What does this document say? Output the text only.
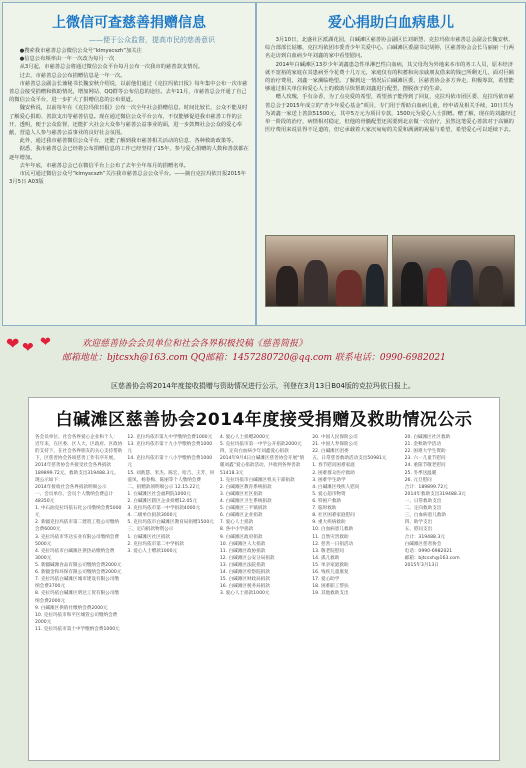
上微信可查慈善捐赠信息
——便于公众监督，提高市民的慈善意识

●搜索我市慈善总会微信公众号“klmyscszh”加关注

●信息公布频率由一年一次改为每月一次

从3月起，市慈善总会将通过微信公众平台每月公布一次我市的慈善款支情况。

过去，市慈善总会公布捐赠信息是一年一次。

市慈善总会副会长兼秘书长魏安秋介绍说，以前他们通过《克拉玛依日报》每年集中公布一次市慈善总会接受捐赠和救助情况，增加网站、QQ群等公布信息的途径。去年11月，市慈善总会开通了自己的微信公众平台，进一步扩大了捐赠信息的公布渠道。

魏安秋说，以前每年在《克拉玛依日报》公布一次全年社会捐赠信息，时间比较长，公众不能及时了解爱心捐助、善款支出等慈善信息。现在通过微信公众平台公布，不仅能够促进我市慈善工作的公开、透明，便于公众监督，还能扩大社会大众参与慈善公益事业的面，进一步鼓舞社会公众的爱心奉献，营造人人参与慈善公益事业的良好社会氛围。

此外，通过我市慈善微信公众平台，还能了解到我市慈善相关活动的信息、各种救助政策等。

据悉，我市慈善总会已经将公布捐赠信息的工作已经坚持了15年，参与爱心捐赠的人数和善款都在逐年增加。

去年年底，市慈善总会已在微信平台上公布了去年全年每月的捐赠名单。

市民可通过微信公众号“klmyscszh”关注我市慈善总会公众平台。——摘自克拉玛依日报2015年3月5日 A03版

爱心捐助白血病患儿

3月10日，北盛社区派湖花园，白碱滩区慈善协会副区长刘新慧、克拉玛依市慈善总会副会长魏安秋、综合部部长姑娜，克拉玛依团市委青少年关爱中心、白碱滩区委副书记胡婷，区慈善协会会长马丽丽一行两名走访到白血病少年刘鑫的家中看望慰问。

2014年白碱滩区13岁少年刘鑫患急性单淋巴性白血病，其父母均为外地来本市的务工人员，原本经济就不宽裕的家庭在其患病至今花费十几万元，家庭仅有的积蓄和向亲戚朋友借来的钱已所剩无几，面对巨额的治疗费用，刘鑫一家濒临绝望。了解到这一情况后白碱滩区委、区慈善协会多方奔走，积极筹款，希望能够通过相关单位和爱心人士的救助尽快帮助刘鑫进行配型，摆脱孩子的生命。

赠人玫瑰，手有余香，为了点亮爱的希望，希望孩子能得到了回复，克拉玛依市团区委、克拉玛依市慈善总会于2015年成立的“青少年爱心基金”项目，专门用于帮助白血病儿童，经申请及相关手续，10日共为为刘鑫一家送上善款51500元，其中5万元为项目专款，1500元为爱心人士捐赠。赠了解，现在的刘鑫经过单一阶段的治疗，病情相对稳定，但他的骨髓配型还需要到北京做一次治疗，虽然这笔爱心善款对于高额的医疗费用来说显得不足道的，但它承载着大家沉甸甸的关爱和满满的祝福与希望，希望爱心可以延续下去。

❤ ❤ ❤	欢迎慈善协会会员单位和社会各界积极投稿《慈善简报》
邮箱地址：bjtcsxh@163.com QQ邮箱：1457280720@qq.com 联系电话：0990-6982021
区慈善协会将2014年度接收捐赠与资助情况进行公示，刊登在3月13日B04版的克拉玛依日报上。
白碱滩区慈善协会2014年度接受捐赠及救助情况公示
各会员单位、社会各界爱心企业和个人：
近年来，在区委、区人大、区政府、区政协的支持下，在社会各界朋友的关心支持帮助下，区慈善协会各项慈善工作有序开展。2014年慈善协会共接受社会各界捐款189899.72元，救助支出319488.3元。
现公示如下：
2014年接收社会各界捐款明细公示
一、会员单位、会员个人缴纳会费总计48350元
1. 中石油克拉玛依石化公司缴纳会费5000元
2. 新疆克拉玛依市第二建筑工程公司缴纳会费6000元
3. 克拉玛依市华达实业有限公司缴纳会费5000元
4. 克拉玛依市白碱滩区供热站缴纳会费3000元
5. 新疆碱滩食品有限公司缴纳会费2000元
6. 新疆金和环保有限公司缴纳会费2000元
7. 克拉玛依白碱滩区城市建设有限公司缴纳会费3700元
8. 克拉玛依白碱滩区明达工贸有限公司缴纳会费2000元
9. 白碱滩区供销社缴纳会费2000元
10. 克拉玛依市和平区城管公司缴纳会费2000元
11. 克拉玛依市第十中学缴纳会费1000元
12. 克拉玛依市第九中学缴纳会费1000元
13. 克拉玛依市第十九小学缴纳会费1000元
14. 克拉玛依市第十八小学缴纳会费1000元
15. 刘新慧、米杰、陈宏、哈吉、王芳、何爱凤、杨春梅、陈丽等个人缴纳会费
二、捐赠款项明细公示 12.15.22元
1. 白碱滩区社会福利院1000元
2. 白碱滩区辖区企业捐赠12.05元
3. 克拉玛依市第一中学捐款4000元
4. 二级单位捐款3000元
5. 克拉玛依市白碱滩区教育局捐赠1500元
三、定向捐款物资公示
1. 白碱滩区社区捐款
2. 克拉玛依市第二中学捐款
3. 爱心人士赠款1000元
4. 爱心人士捐赠2000元
5. 克拉玛依市第一中学公开捐款2000元
四、定向白血病少年刘鑫爱心捐款
2014年9月4日白碱滩区慈善协会开展“情暖刘鑫”爱心捐款活动，共收到各界善款51418.3元
1. 克拉玛依市白碱滩区机关干部捐款
2. 白碱滩区教育系统捐款
3. 白碱滩区社区捐款
4. 白碱滩区卫生系统捐款
5. 白碱滩区三平镇捐款
6. 白碱滩区企业捐款
7. 爱心人士捐款
8. 各中小学捐款
9. 白碱滩区政府捐款
10. 白碱滩区人大捐款
11. 白碱滩区政协捐款
12. 白碱滩区公安分局捐款
13. 白碱滩区法院捐款
14. 白碱滩区检察院捐款
15. 白碱滩区财政局捐款
16. 白碱滩区税务局捐款
3. 爱心人士捐款1000元
20. 中国人民保险公司
21. 中国人寿保险公司
22. 白碱滩区团委
五、日常慈善救助活动支出50981元
1. 春节慰问困难家庭
2. 困难群众医疗救助
3. 困难学生助学
4. 白碱滩区残疾人慰问
5. 爱心超市物资
6. 特困户救助
7. 临时救助
8. 社区困难家庭慰问
9. 重大疾病救助
10. 白血病患儿救助
11. 自然灾害救助
12. 慈善一日捐活动
13. 敬老院慰问
14. 孤儿救助
15. 单亲家庭救助
16. 残疾儿童康复
17. 爱心助学
18. 困难职工帮扶
19. 其他救助支出
20. 白碱滩区社区救助
21. 金秋助学活动
22. 困难大学生资助
23. 六一儿童节慰问
24. 重阳节敬老慰问
25. 冬季送温暖
26. 元旦慰问
合计：189899.72元
2014年救助支出319488.3元
一、日常救助支出
二、定向救助支出
三、白血病患儿救助
四、助学支出
五、慰问支出
合计：319488.3元
白碱滩区慈善协会
电话：0990-6982021
邮箱：bjtcsxh@163.com
2015年3月13日
